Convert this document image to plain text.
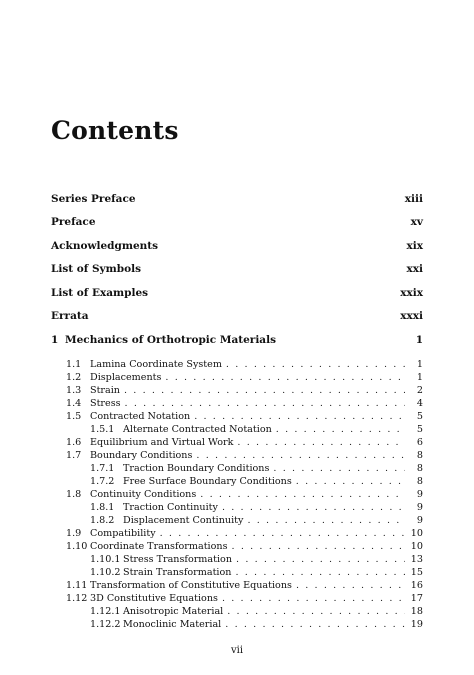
Contents
Series Preface	xiii
Preface	xv
Acknowledgments	xix
List of Symbols	xxi
List of Examples	xxix
Errata	xxxi
1 Mechanics of Orthotropic Materials	1
1.1 Lamina Coordinate System . . .	1
1.2 Displacements . . .	1
1.3 Strain . . .	2
1.4 Stress . . .	4
1.5 Contracted Notation . . .	5
1.5.1 Alternate Contracted Notation . . .	5
1.6 Equilibrium and Virtual Work . . .	6
1.7 Boundary Conditions . . .	8
1.7.1 Traction Boundary Conditions . . .	8
1.7.2 Free Surface Boundary Conditions . . .	8
1.8 Continuity Conditions . . .	9
1.8.1 Traction Continuity . . .	9
1.8.2 Displacement Continuity . . .	9
1.9 Compatibility . . .	10
1.10 Coordinate Transformations . . .	10
1.10.1 Stress Transformation . . .	13
1.10.2 Strain Transformation . . .	15
1.11 Transformation of Constitutive Equations . . .	16
1.12 3D Constitutive Equations . . .	17
1.12.1 Anisotropic Material . . .	18
1.12.2 Monoclinic Material . . .	19
vii
